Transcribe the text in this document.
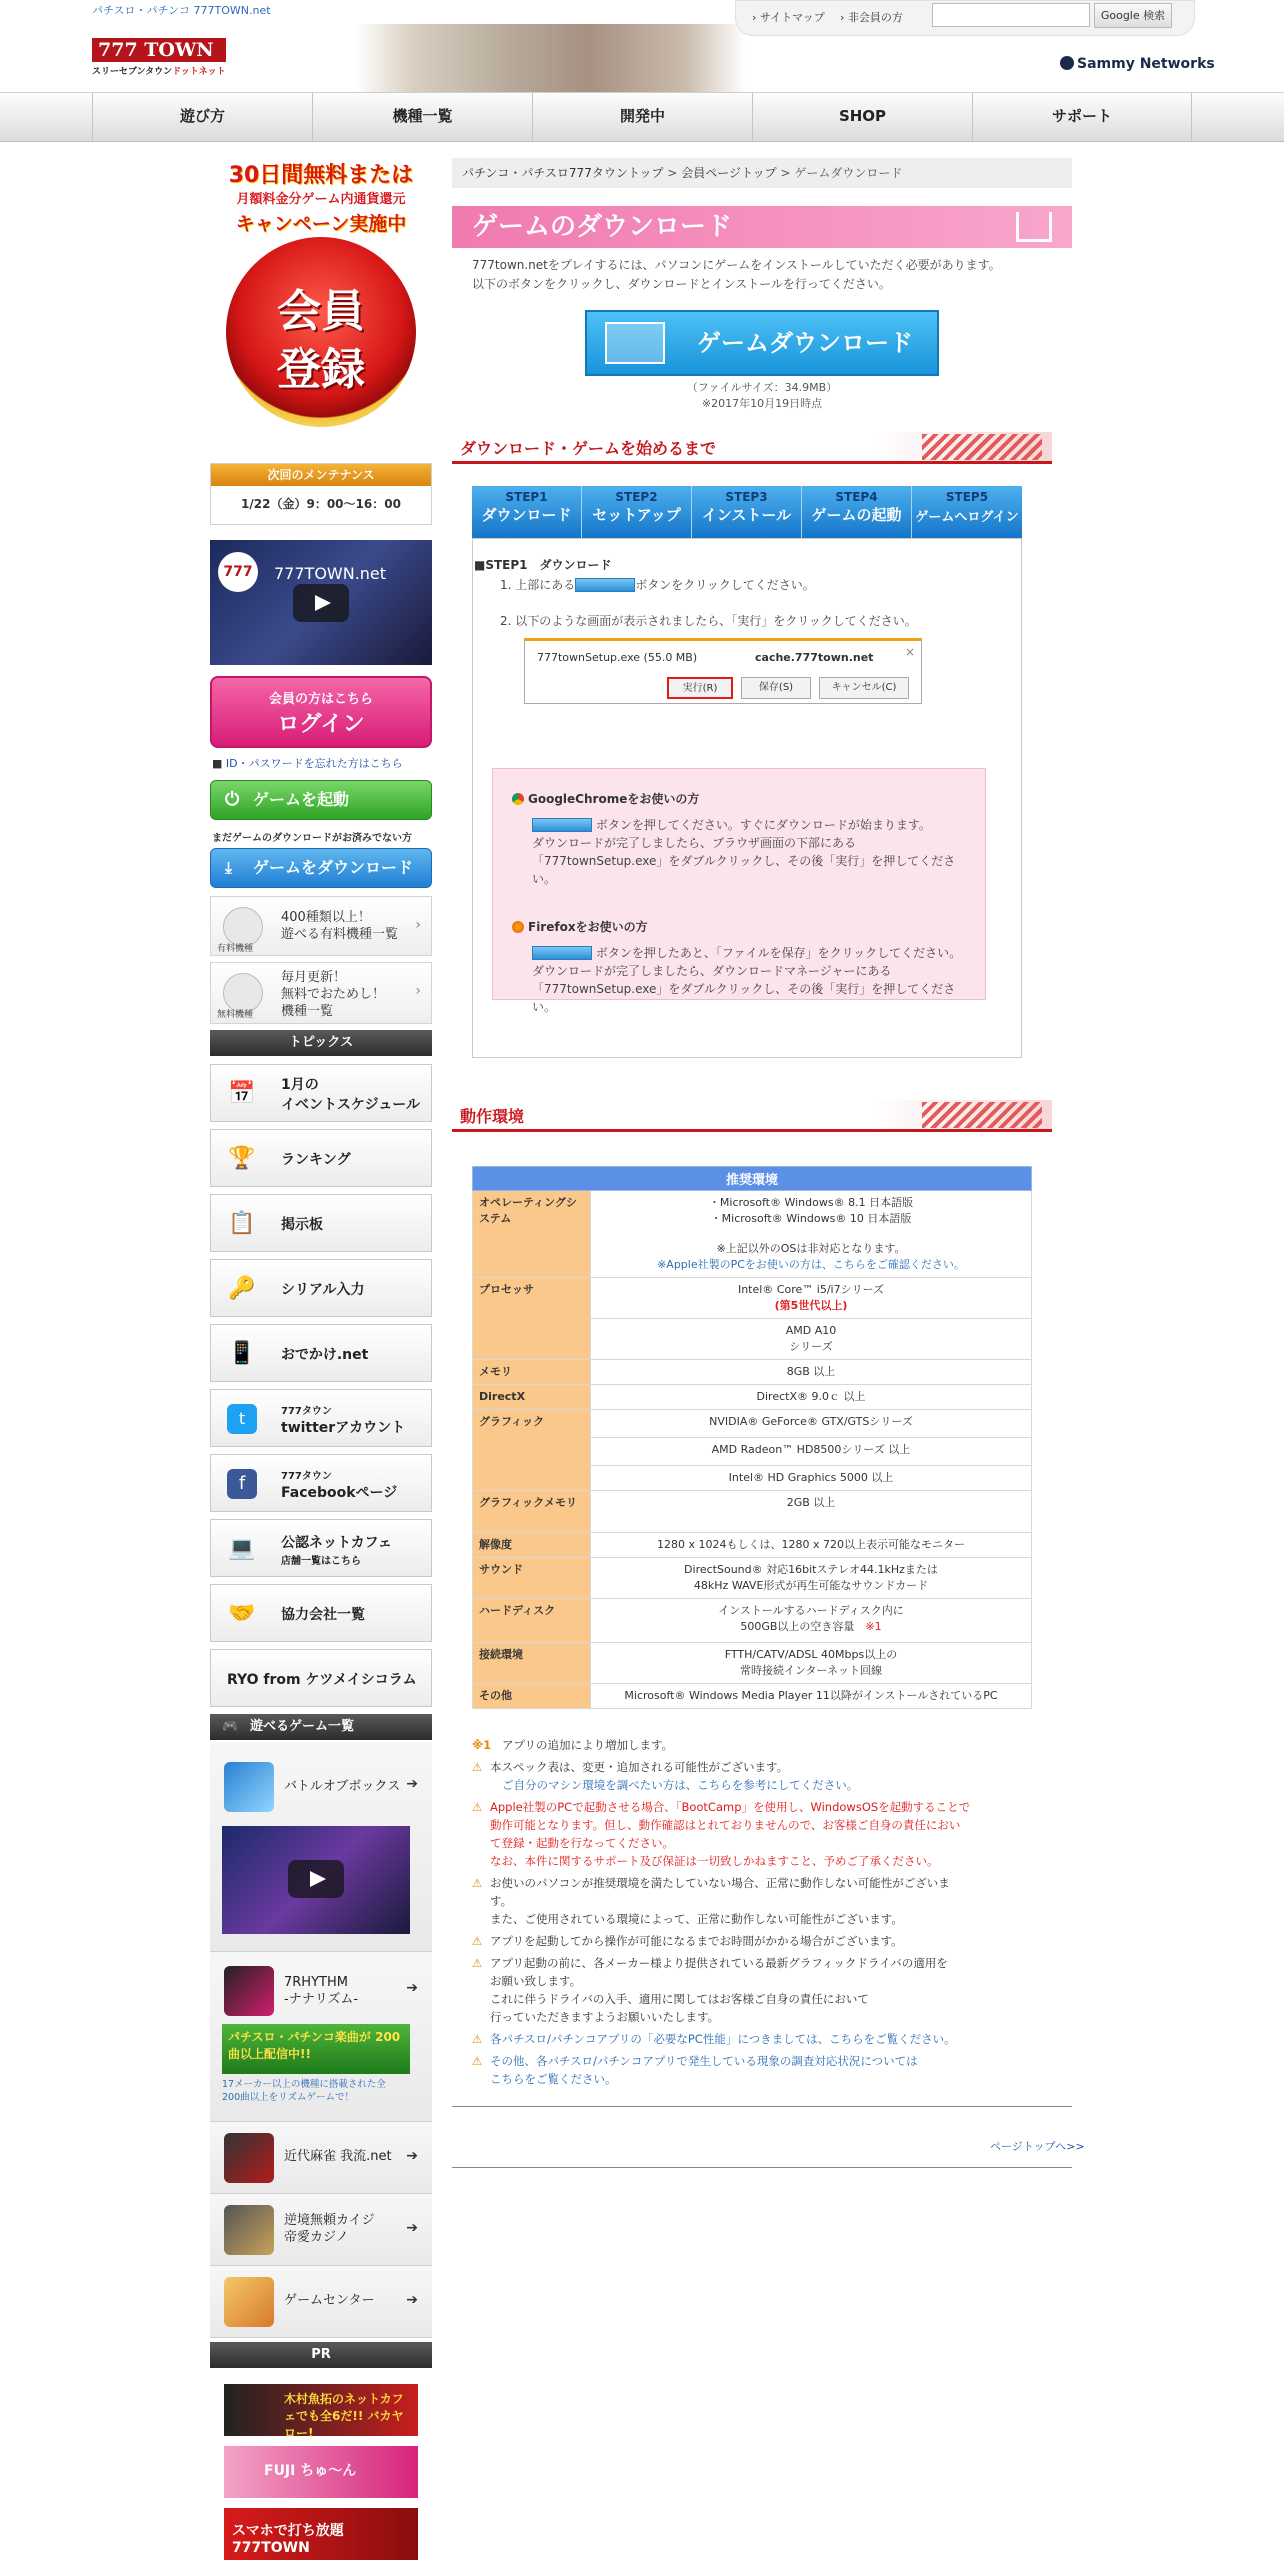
パチスロ・パチンコ 777TOWN.net
777 TOWN
スリーセブンタウンドットネット
› サイトマップ › 非会員の方	Google 検索
Sammy Networks
遊び方	機種一覧	開発中	SHOP	サポート
30日間無料または
月額料金分ゲーム内通貨還元
キャンペーン実施中
会員
登録
次回のメンテナンス
1/22（金）9：00～16：00
777	777TOWN.net
会員の方はこちら
ログイン
■ ID・パスワードを忘れた方はこちら
⏻ ゲームを起動
まだゲームのダウンロードがお済みでない方
⤓ ゲームをダウンロード
有料機種
400種類以上！
遊べる有料機種一覧
›
無料機種
毎月更新！
無料でおためし！
機種一覧
›
トピックス
📅 1月の
イベントスケジュール
🏆 ランキング
📋 掲示板
🔑 シリアル入力
📱 おでかけ.net
t	777タウン
twitterアカウント
f	777タウン
Facebookページ
💻 公認ネットカフェ
店舗一覧はこちら
🤝 協力会社一覧
RYO from ケツメイシコラム
🎮 遊べるゲーム一覧
バトルオブボックス ➔
7RHYTHM
-ナナリズム-
➔
パチスロ・パチンコ楽曲が 200曲以上配信中!!
17メーカー以上の機種に搭載された全
200曲以上をリズムゲームで！
近代麻雀 我流.net ➔
逆境無頼カイジ
帝愛カジノ
➔
ゲームセンター ➔
PR
木村魚拓のネットカフェでも全6だ!! バカヤロー!
FUJI ちゅ～ん
スマホで打ち放題 777TOWN
パチンコ・パチスロ777タウントップ > 会員ページトップ > ゲームダウンロード
ゲームのダウンロード
777town.netをプレイするには、パソコンにゲームをインストールしていただく必要があります。
以下のボタンをクリックし、ダウンロードとインストールを行ってください。
ゲームダウンロード
（ファイルサイズ：34.9MB）
※2017年10月19日時点
ダウンロード・ゲームを始めるまで
STEP1
ダウンロード
STEP2
セットアップ
STEP3
インストール
STEP4
ゲームの起動
STEP5
ゲームへログイン
■STEP1　ダウンロード
1. 上部にある	ボタンをクリックしてください。
2. 以下のような画面が表示されましたら、「実行」をクリックしてください。
777townSetup.exe (55.0 MB)	cache.777town.net	×
実行(R)	保存(S)	キャンセル(C)
GoogleChromeをお使いの方
ボタンを押してください。すぐにダウンロードが始まります。
ダウンロードが完了しましたら、ブラウザ画面の下部にある
「777townSetup.exe」をダブルクリックし、その後「実行」を押してください。
Firefoxをお使いの方
ボタンを押したあと、「ファイルを保存」をクリックしてください。
ダウンロードが完了しましたら、ダウンロードマネージャーにある
「777townSetup.exe」をダブルクリックし、その後「実行」を押してください。
動作環境
推奨環境	
オペレーティングシステム	・Microsoft® Windows® 8.1 日本語版
・Microsoft® Windows® 10 日本語版
※上記以外のOSは非対応となります。
※Apple社製のPCをお使いの方は、こちらをご確認ください。

プロセッサ	Intel® Core™ i5/i7シリーズ
(第5世代以上)

	AMD A10
シリーズ

メモリ	8GB 以上
DirectX	DirectX® 9.0ｃ 以上
グラフィック	NVIDIA® GeForce® GTX/GTSシリーズ
	AMD Radeon™ HD8500シリーズ 以上
	Intel® HD Graphics 5000 以上
グラフィックメモリ	2GB 以上
解像度	1280 x 1024もしくは、1280 x 720以上表示可能なモニター
サウンド	DirectSound® 対応16bitステレオ44.1kHzまたは
48kHz WAVE形式が再生可能なサウンドカード

ハードディスク	インストールするハードディスク内に
500GB以上の空き容量　 ※1

接続環境	FTTH/CATV/ADSL 40Mbps以上の
常時接続インターネット回線

その他	Microsoft® Windows Media Player 11以降がインストールされているPC
※1 アプリの追加により増加します。
⚠ 本スペック表は、変更・追加される可能性がございます。
ご自分のマシン環境を調べたい方は、こちらを参考にしてください。
⚠ Apple社製のPCで起動させる場合、「BootCamp」を使用し、WindowsOSを起動することで
動作可能となります。但し、動作確認はとれておりませんので、お客様ご自身の責任におい
て登録・起動を行なってください。
なお、本件に関するサポート及び保証は一切致しかねますこと、予めご了承ください。
⚠ お使いのパソコンが推奨環境を満たしていない場合、正常に動作しない可能性がございま
す。
また、ご使用されている環境によって、正常に動作しない可能性がございます。
⚠ アプリを起動してから操作が可能になるまでお時間がかかる場合がございます。
⚠ アプリ起動の前に、各メーカー様より提供されている最新グラフィックドライバの適用を
お願い致します。
これに伴うドライバの入手、適用に関してはお客様ご自身の責任において
行っていただきますようお願いいたします。
⚠ 各パチスロ/パチンコアプリの「必要なPC性能」につきましては、こちらをご覧ください。
⚠ その他、各パチスロ/パチンコアプリで発生している現象の調査対応状況については
こちらをご覧ください。
ページトップへ>>
